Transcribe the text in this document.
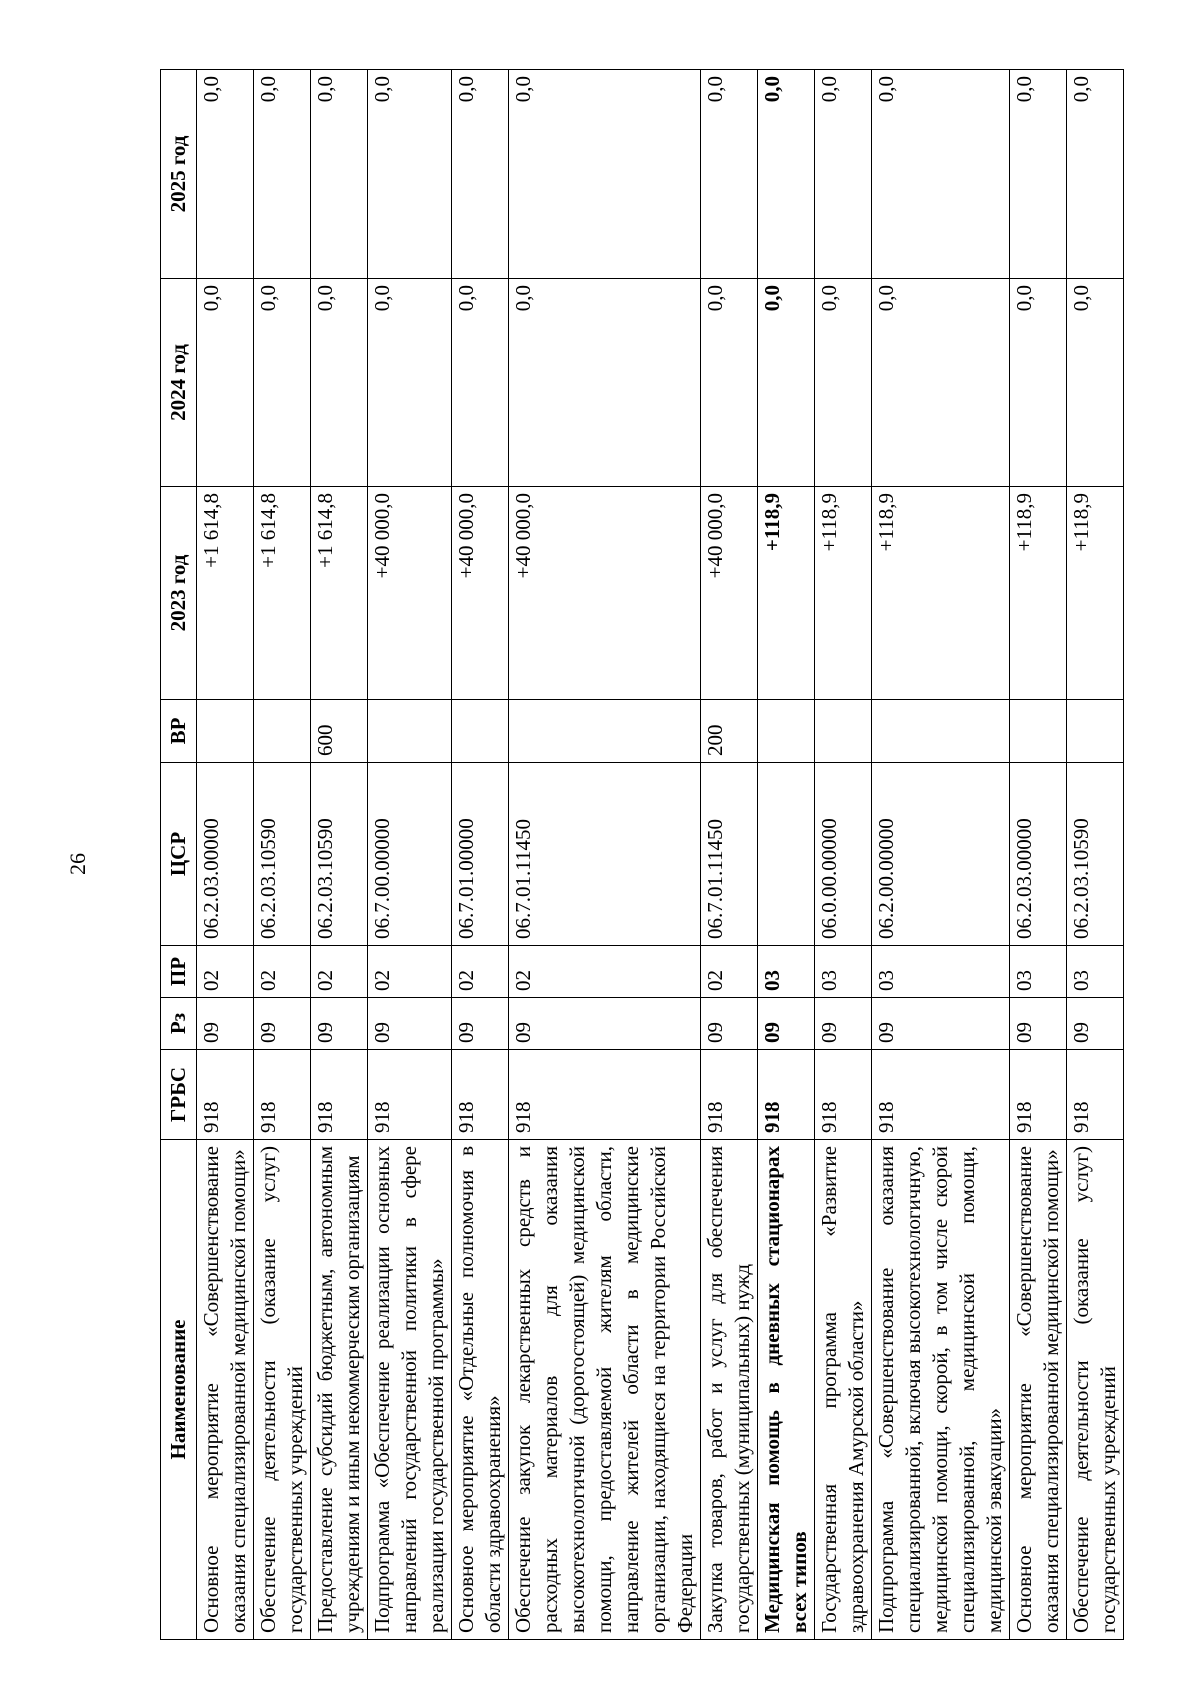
26
Наименование	ГРБС	Рз	ПР	ЦСР	ВР	2023 год	2024 год	2025 год
Основное мероприятие «Совершенствование оказания специализированной медицинской помощи»	918	09	02	06.2.03.00000		+1 614,8	0,0	0,0
Обеспечение деятельности (оказание услуг) государственных учреждений	918	09	02	06.2.03.10590		+1 614,8	0,0	0,0
Предоставление субсидий бюджетным, автономным учреждениям и иным некоммерческим организациям	918	09	02	06.2.03.10590	600	+1 614,8	0,0	0,0
Подпрограмма «Обеспечение реализации основных направлений государственной политики в сфере реализации государственной программы»	918	09	02	06.7.00.00000		+40 000,0	0,0	0,0
Основное мероприятие «Отдельные полномочия в области здравоохранения»	918	09	02	06.7.01.00000		+40 000,0	0,0	0,0
Обеспечение закупок лекарственных средств и расходных материалов для оказания высокотехнологичной (дорогостоящей) медицинской помощи, предоставляемой жителям области, направление жителей области в медицинские организации, находящиеся на территории Российской Федерации	918	09	02	06.7.01.11450		+40 000,0	0,0	0,0
Закупка товаров, работ и услуг для обеспечения государственных (муниципальных) нужд	918	09	02	06.7.01.11450	200	+40 000,0	0,0	0,0
Медицинская помощь в дневных стационарах всех типов	918	09	03			+118,9	0,0	0,0
Государственная программа «Развитие здравоохранения Амурской области»	918	09	03	06.0.00.00000		+118,9	0,0	0,0
Подпрограмма «Совершенствование оказания специализированной, включая высокотехнологичную, медицинской помощи, скорой, в том числе скорой специализированной, медицинской помощи, медицинской эвакуации»	918	09	03	06.2.00.00000		+118,9	0,0	0,0
Основное мероприятие «Совершенствование оказания специализированной медицинской помощи»	918	09	03	06.2.03.00000		+118,9	0,0	0,0
Обеспечение деятельности (оказание услуг) государственных учреждений	918	09	03	06.2.03.10590		+118,9	0,0	0,0
